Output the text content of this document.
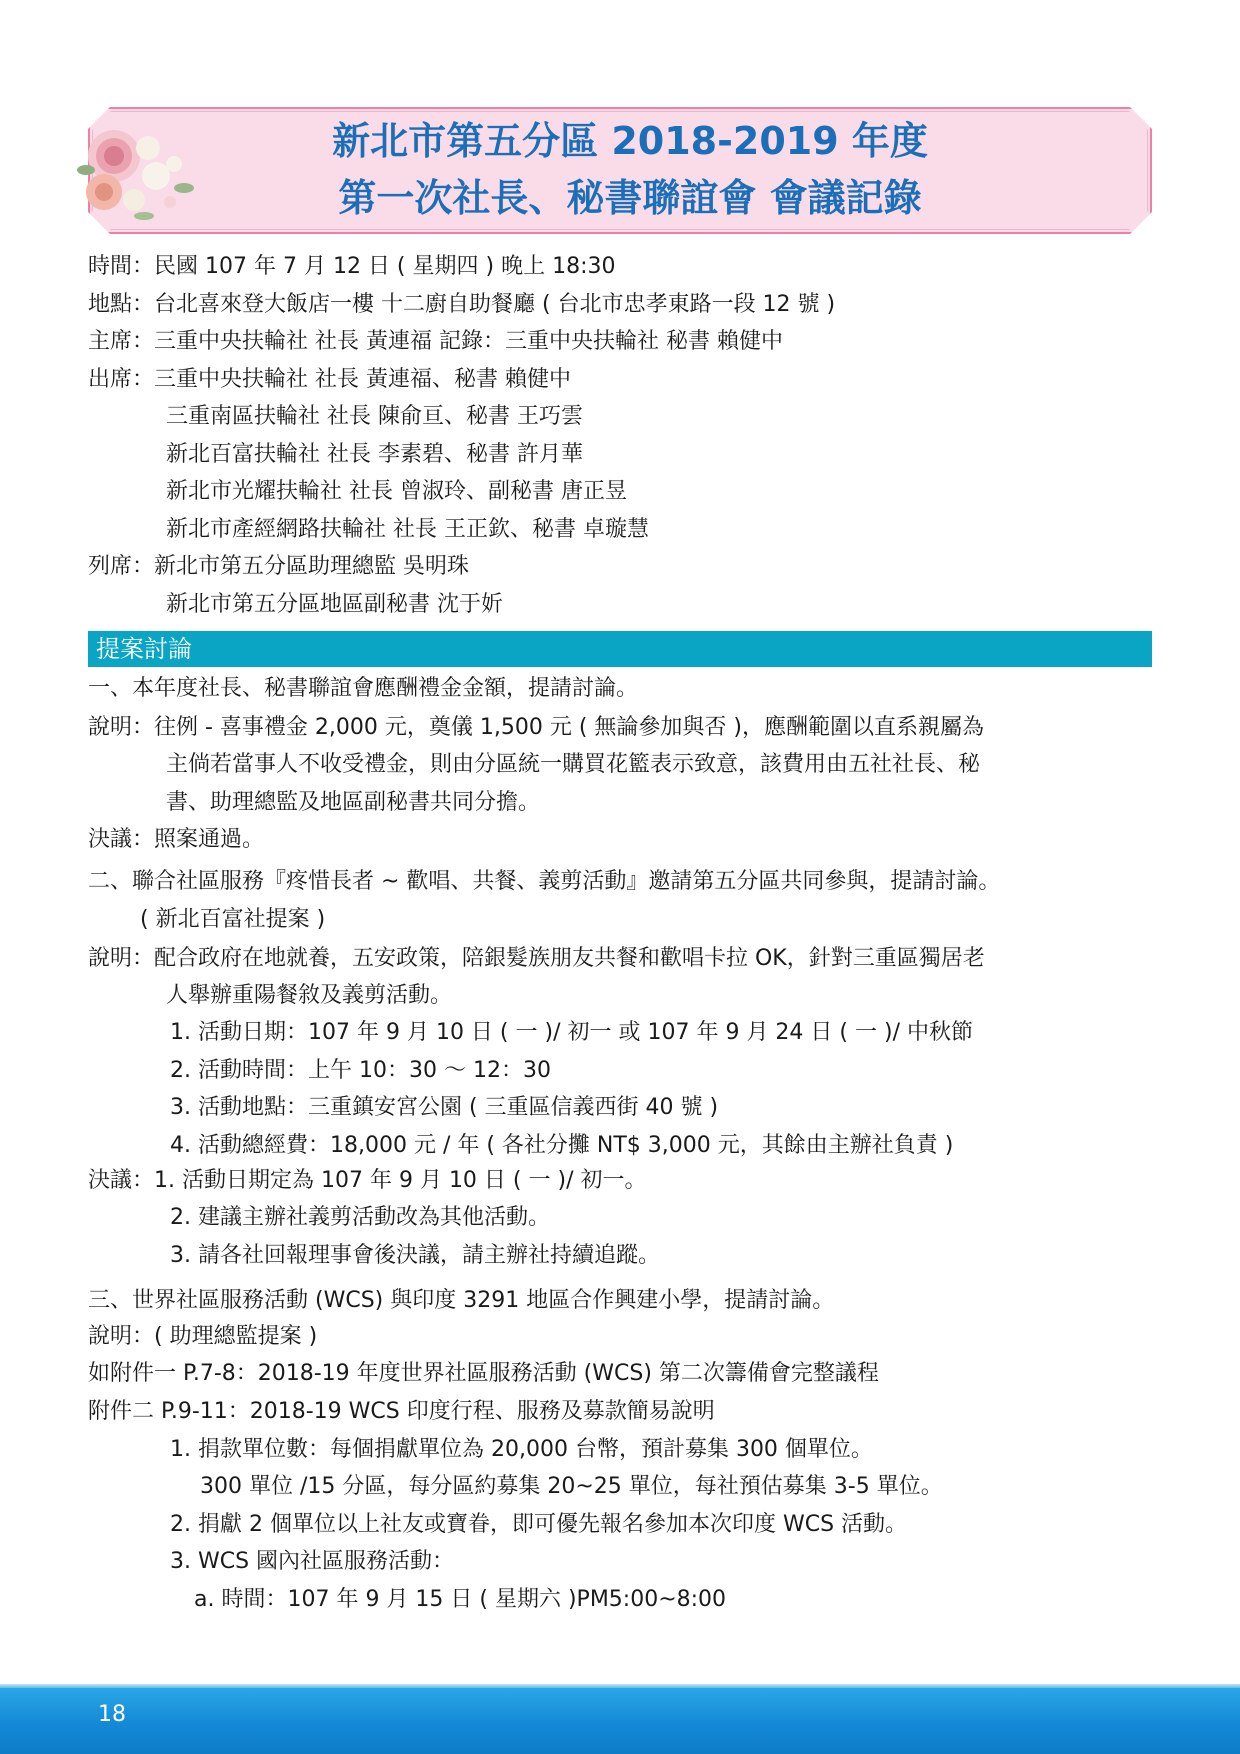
新北市第五分區 2018-2019 年度
第一次社長、秘書聯誼會 會議記錄
時間：民國 107 年 7 月 12 日 ( 星期四 ) 晚上 18:30
地點：台北喜來登大飯店一樓 十二廚自助餐廳 ( 台北市忠孝東路一段 12 號 )
主席：三重中央扶輪社 社長 黃連福 記錄：三重中央扶輪社 秘書 賴健中
出席：三重中央扶輪社 社長 黃連福、秘書 賴健中
三重南區扶輪社 社長 陳俞亘、秘書 王巧雲
新北百富扶輪社 社長 李素碧、秘書 許月華
新北市光耀扶輪社 社長 曾淑玲、副秘書 唐正昱
新北市產經網路扶輪社 社長 王正欽、秘書 卓璇慧
列席：新北市第五分區助理總監 吳明珠
新北市第五分區地區副秘書 沈于妡
提案討論
一、本年度社長、秘書聯誼會應酬禮金金額，提請討論。
說明：往例 - 喜事禮金 2,000 元，奠儀 1,500 元 ( 無論參加與否 )，應酬範圍以直系親屬為
主倘若當事人不收受禮金，則由分區統一購買花籃表示致意，該費用由五社社長、秘
書、助理總監及地區副秘書共同分擔。
決議：照案通過。
二、聯合社區服務『疼惜長者 ~ 歡唱、共餐、義剪活動』邀請第五分區共同參與，提請討論。
( 新北百富社提案 )
說明：配合政府在地就養，五安政策，陪銀髮族朋友共餐和歡唱卡拉 OK，針對三重區獨居老
人舉辦重陽餐敘及義剪活動。
1. 活動日期：107 年 9 月 10 日 ( 一 )/ 初一 或 107 年 9 月 24 日 ( 一 )/ 中秋節
2. 活動時間：上午 10：30 ～ 12：30
3. 活動地點：三重鎮安宮公園 ( 三重區信義西街 40 號 )
4. 活動總經費：18,000 元 / 年 ( 各社分攤 NT$ 3,000 元，其餘由主辦社負責 )
決議：1. 活動日期定為 107 年 9 月 10 日 ( 一 )/ 初一。
2. 建議主辦社義剪活動改為其他活動。
3. 請各社回報理事會後決議，請主辦社持續追蹤。
三、世界社區服務活動 (WCS) 與印度 3291 地區合作興建小學，提請討論。
說明：( 助理總監提案 )
如附件一 P.7-8：2018-19 年度世界社區服務活動 (WCS) 第二次籌備會完整議程
附件二 P.9-11：2018-19 WCS 印度行程、服務及募款簡易說明
1. 捐款單位數：每個捐獻單位為 20,000 台幣，預計募集 300 個單位。
300 單位 /15 分區，每分區約募集 20~25 單位，每社預估募集 3-5 單位。
2. 捐獻 2 個單位以上社友或寶眷，即可優先報名參加本次印度 WCS 活動。
3. WCS 國內社區服務活動：
a. 時間：107 年 9 月 15 日 ( 星期六 )PM5:00~8:00
18
